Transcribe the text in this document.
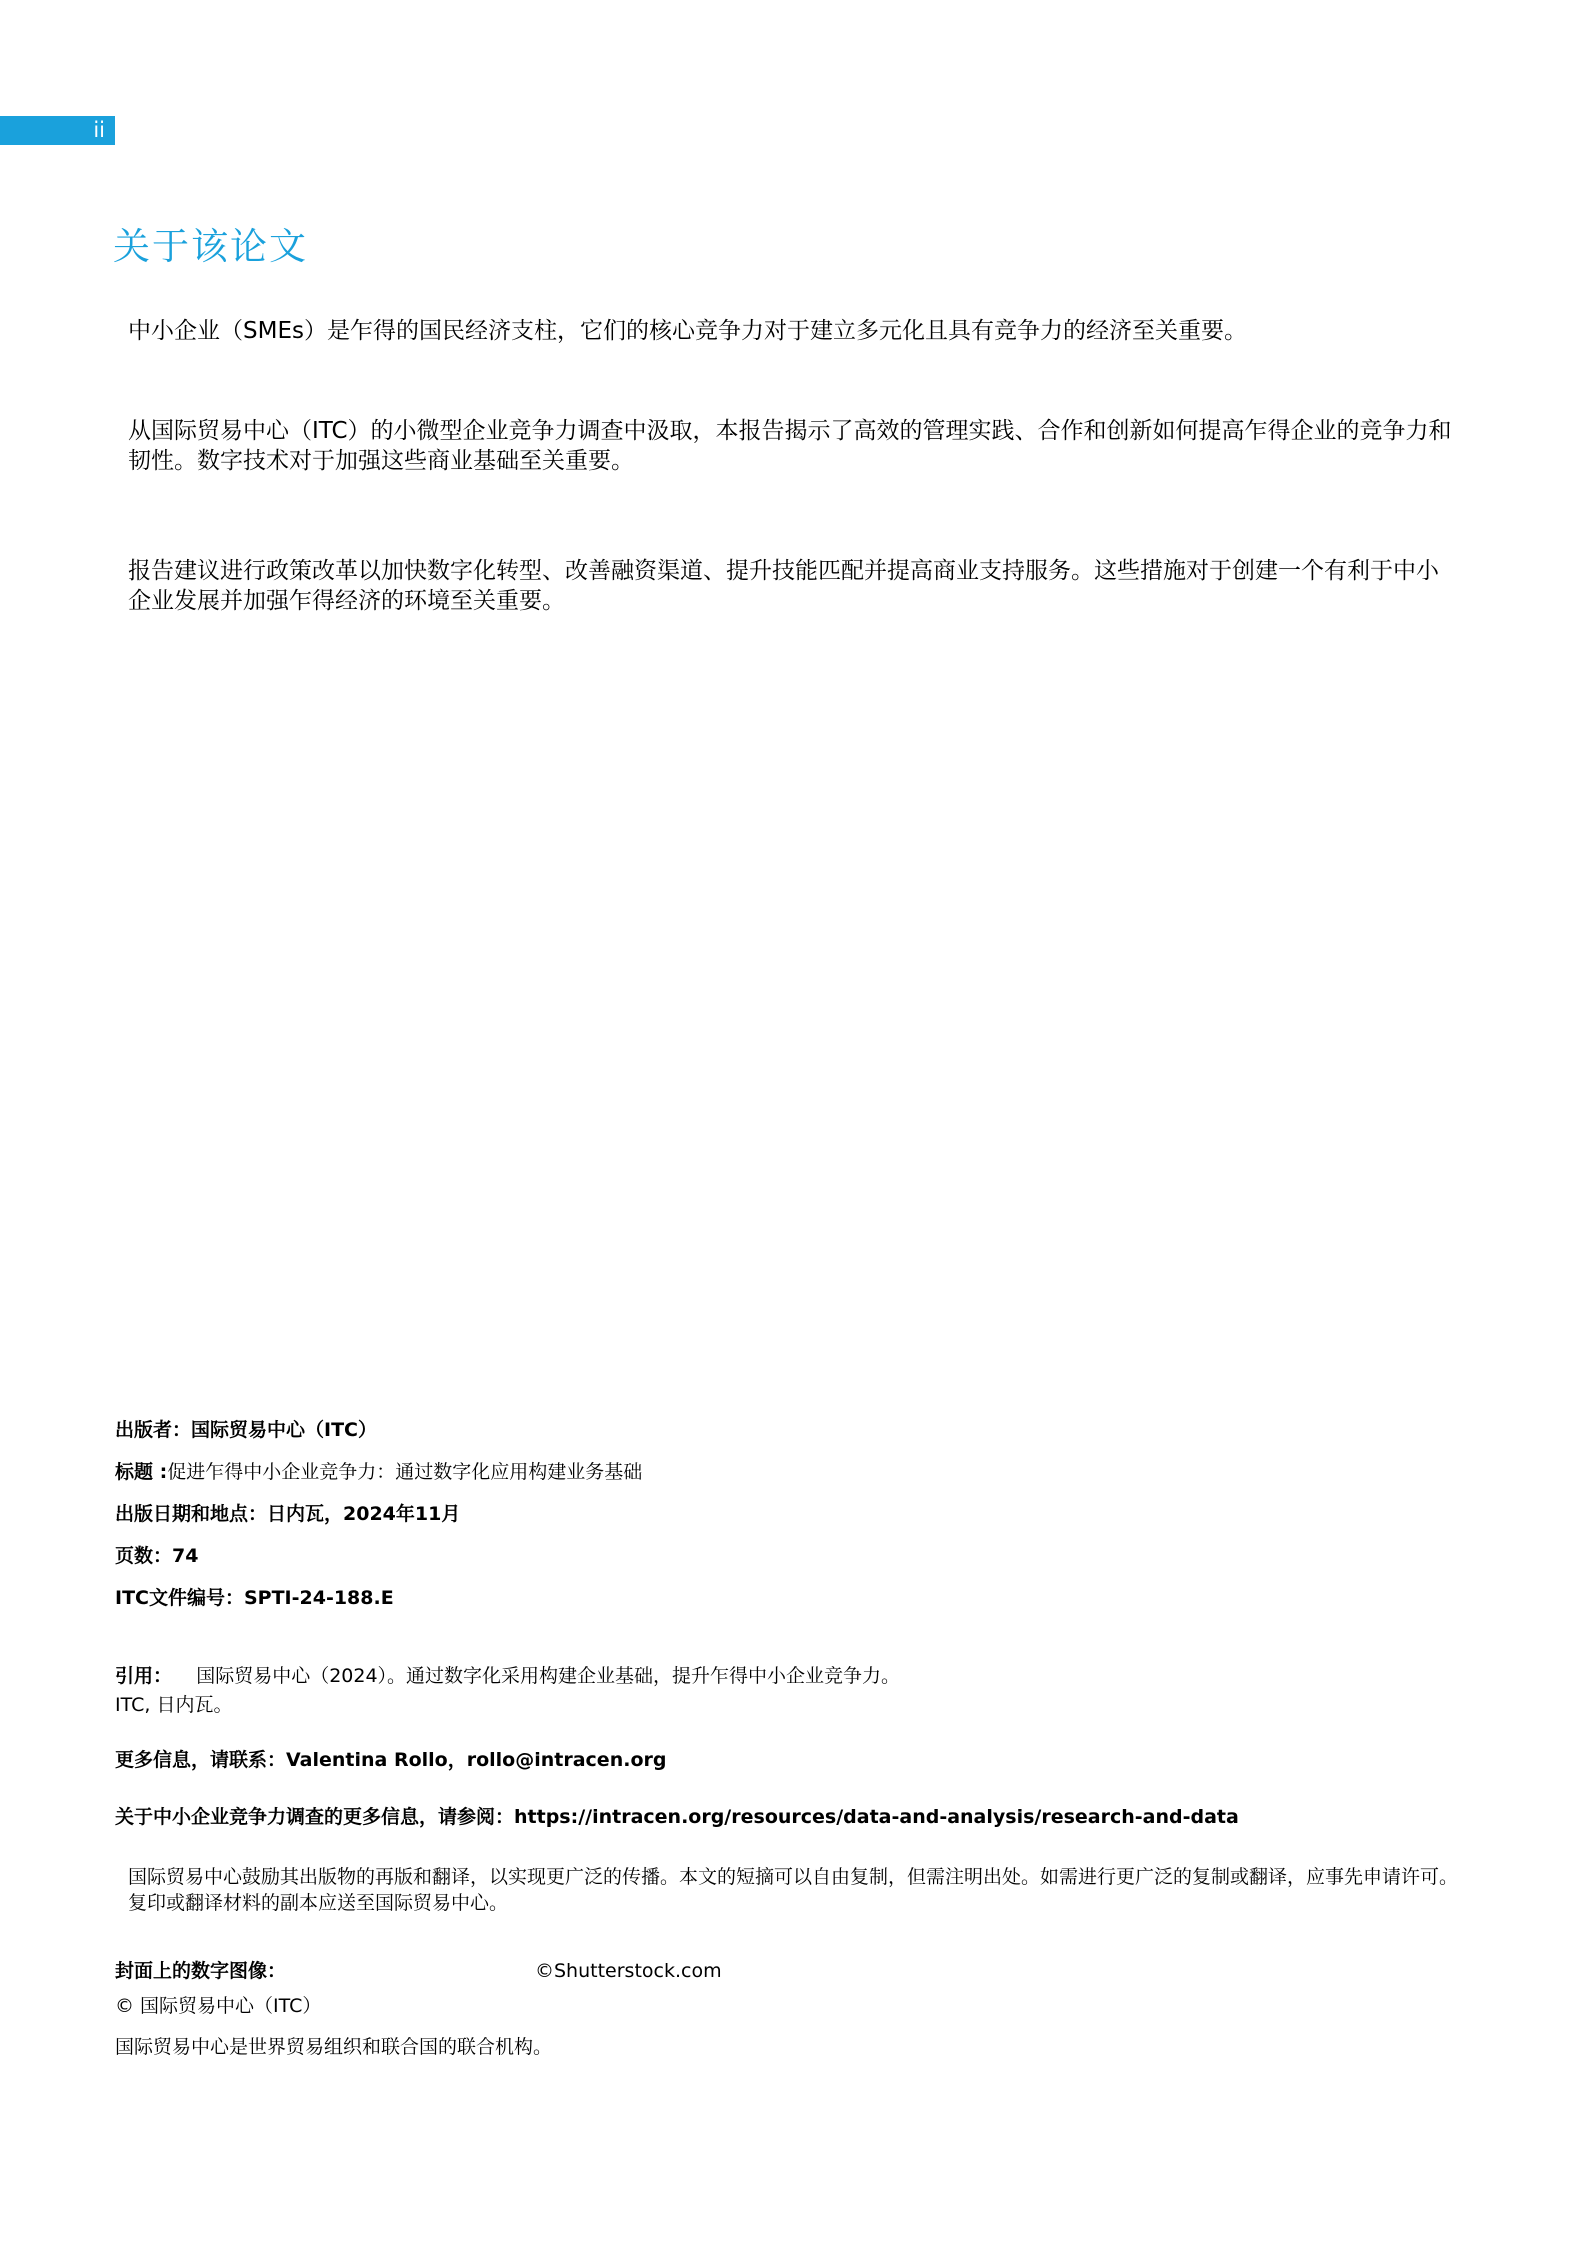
ii
关于该论文

中小企业（SMEs）是乍得的国民经济支柱，它们的核心竞争力对于建立多元化且具有竞争力的经济至关重要。

从国际贸易中心（ITC）的小微型企业竞争力调查中汲取，本报告揭示了高效的管理实践、合作和创新如何提高乍得企业的竞争力和韧性。数字技术对于加强这些商业基础至关重要。

报告建议进行政策改革以加快数字化转型、改善融资渠道、提升技能匹配并提高商业支持服务。这些措施对于创建一个有利于中小企业发展并加强乍得经济的环境至关重要。

出版者：国际贸易中心（ITC）

标题 :促进乍得中小企业竞争力：通过数字化应用构建业务基础

出版日期和地点：日内瓦，2024年11月

页数：74

ITC文件编号：SPTI-24-188.E

引用： 国际贸易中心（2024）。通过数字化采用构建企业基础，提升乍得中小企业竞争力。

ITC, 日内瓦。

更多信息，请联系：Valentina Rollo，rollo@intracen.org

关于中小企业竞争力调查的更多信息，请参阅：https://intracen.org/resources/data-and-analysis/research-and-data

国际贸易中心鼓励其出版物的再版和翻译，以实现更广泛的传播。本文的短摘可以自由复制，但需注明出处。如需进行更广泛的复制或翻译，应事先申请许可。复印或翻译材料的副本应送至国际贸易中心。

封面上的数字图像：	©Shutterstock.com

© 国际贸易中心（ITC）

国际贸易中心是世界贸易组织和联合国的联合机构。
